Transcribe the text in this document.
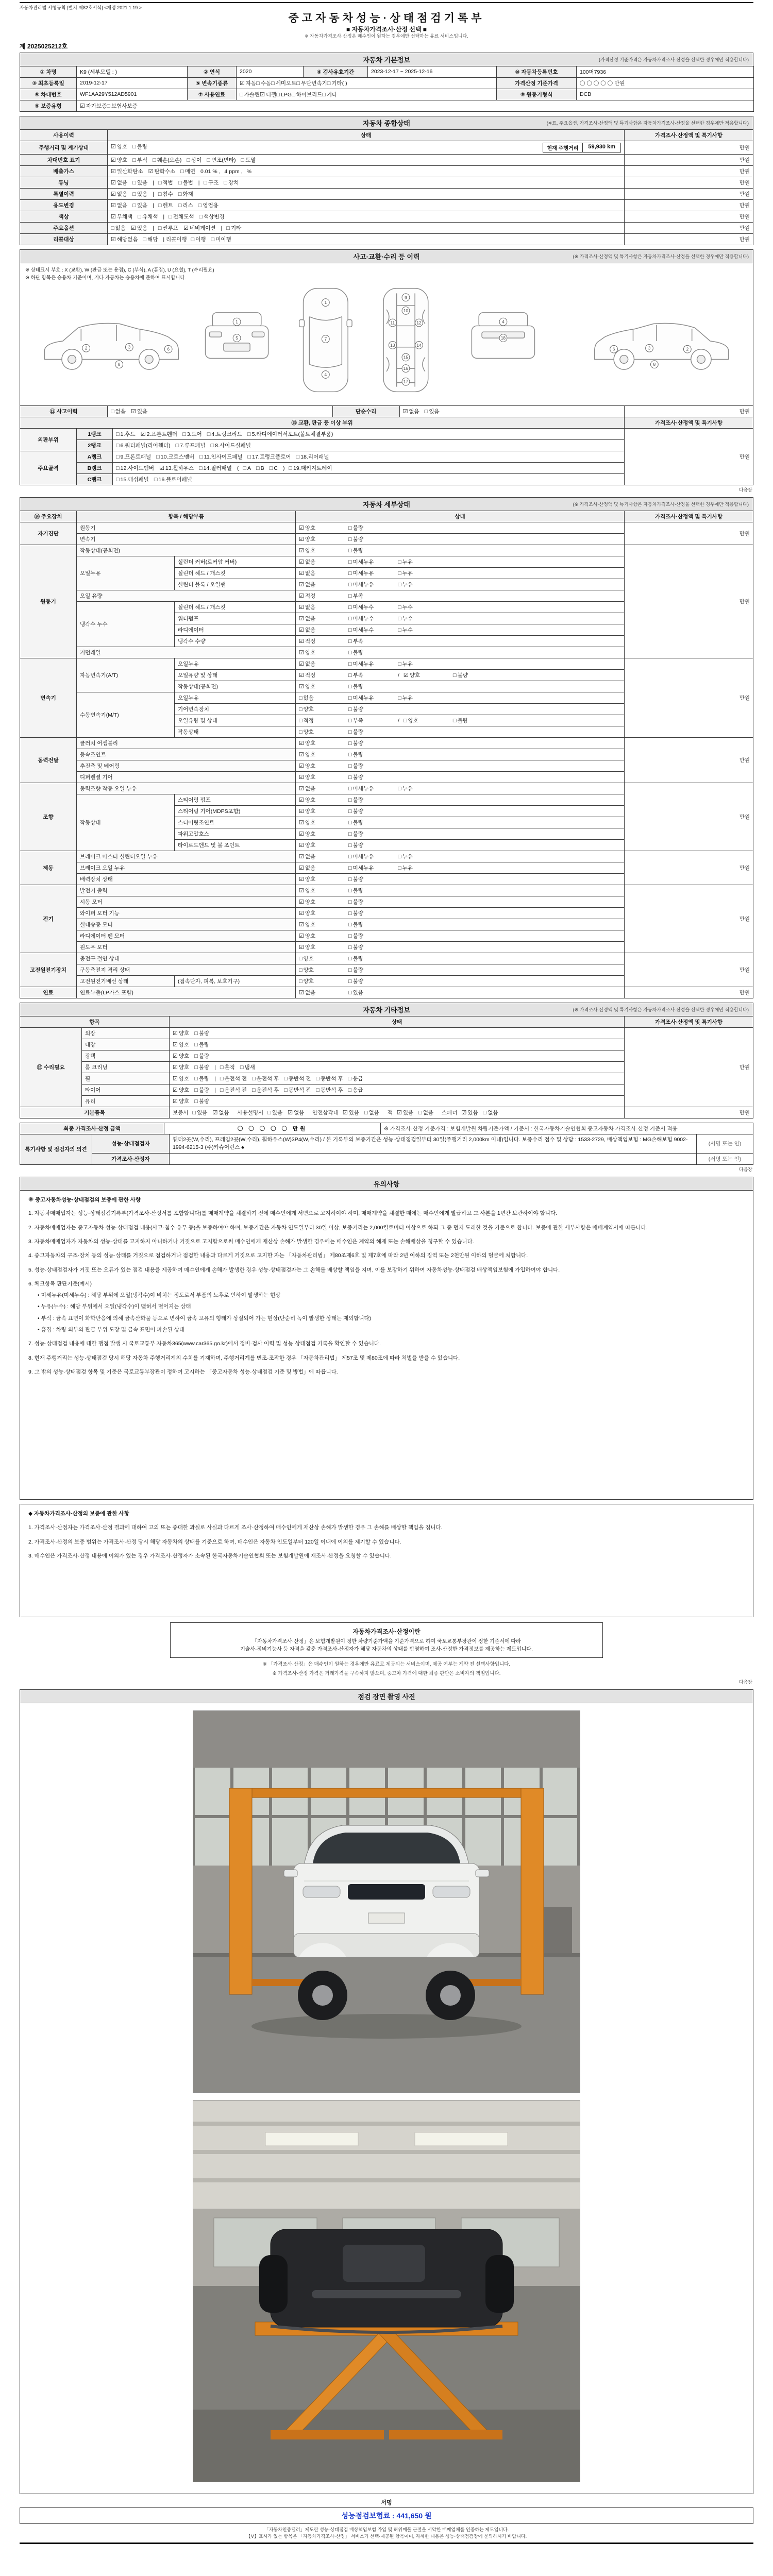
자동차관리법 시행규칙 [별지 제82호서식] <개정 2021.1.19.>
중고자동차성능·상태점검기록부
■ 자동차가격조사·산정 선택 ■
※ 자동차가격조사·산정은 매수인이 원하는 경우에만 선택하는 유료 서비스입니다.
제 2025025212호
자동차 기본정보	(가격산정 기준가격은 자동차가격조사·산정을 선택한 경우에만 적용합니다)
① 차명	K9 (세부모델 : )	② 연식	2020	④ 검사유효기간	2023-12-17 ~ 2025-12-16	⑩ 자동차등록번호	100머7936
③ 최초등록일	2019-12-17	⑤ 변속기종류	☑ 자동□ 수동□ 세미오토□ 무단변속기□ 기타( )			가격산정 기준가격	〇 〇 〇 〇 〇 만원
⑥ 차대번호	WF1AA29Y512AD5901	⑦ 사용연료	□ 가솔린☑ 디젤□ LPG□ 하이브리드□ 기타			⑧ 원동기형식	DCB
⑨ 보증유형	☑ 자가보증□ 보험사보증						
자동차 종합상태	(※표, 주요옵션, 가격조사·산정액 및 특기사항은 자동차가격조사·산정을 선택한 경우에만 적용합니다)
사용이력	상태	가격조사·산정액 및 특기사항
주행거리 및 계기상태	☑ 양호 □ 불량 현재 주행거리 59,930 km	만원
차대번호 표기	☑ 양호 □ 부식 □ 훼손(오손) □ 상이 □ 변조(변타) □ 도말	만원
배출가스	☑ 일산화탄소 ☑ 탄화수소 □ 매연 0.01 % , 4 ppm , %	만원
튜닝	☑ 없음 □ 있음 | □ 적법 □ 불법 | □ 구조 □ 장치	만원
특별이력	☑ 없음 □ 있음 | □ 침수 □ 화재	만원
용도변경	☑ 없음 □ 있음 | □ 렌트 □ 리스 □ 영업용	만원
색상	☑ 무채색 □ 유채색 | □ 전체도색 □ 색상변경	만원
주요옵션	□ 없음 ☑ 있음 | □ 썬루프 ☑ 네비게이션 | □ 기타	만원
리콜대상	☑ 해당없음 □ 해당 | 리콜이행 □ 이행 □ 미이행	만원
사고·교환·수리 등 이력	(※ 가격조사·산정액 및 특기사항은 자동차가격조사·산정을 선택한 경우에만 적용합니다)
※ 상태표시 부호 : X (교환), W (판금 또는 용접), C (부식), A (흠집), U (요철), T (수리필요)
※ 하단 항목은 승용차 기준이며, 기타 자동차는 승용차에 준하여 표시합니다.
2	3	6
8
1
5
1
7
4
9
10
11	12
13	14
15
16
17
4
18
6	3	2
8
⑫ 사고이력	□ 없음 ☑ 있음	단순수리	☑ 없음 □ 있음	만원
⑬ 교환, 판금 등 이상 부위			가격조사·산정액 및 특기사항
외판부위	1랭크	□ 1.후드 ☑ 2.프론트휀더 □ 3.도어 □ 4.트렁크리드 □ 5.라디에이터서포트(볼트체결부품)	만원
	2랭크	□ 6.쿼터패널(리어휀더) □ 7.루프패널 □ 8.사이드실패널	
주요골격	A랭크	□ 9.프론트패널 □ 10.크로스멤버 □ 11.인사이드패널 □ 17.트렁크플로어 □ 18.리어패널	
	B랭크	□ 12.사이드멤버 ☑ 13.휠하우스 □ 14.필러패널 ( □ A □ B □ C ) □ 19.패키지트레이	
	C랭크	□ 15.대쉬패널 □ 16.플로어패널	
다음장
자동차 세부상태	(※ 가격조사·산정액 및 특기사항은 자동차가격조사·산정을 선택한 경우에만 적용합니다)
⑭ 주요장치	항목 / 해당부품		상태	가격조사·산정액 및 특기사항
자기진단	원동기		☑ 양호 □ 불량	만원
	변속기		☑ 양호 □ 불량	
원동기	작동상태(공회전)		☑ 양호 □ 불량	만원
	오일누유	실린더 커버(로커암 커버)	☑ 없음 □ 미세누유 □ 누유	
		실린더 헤드 / 개스킷	☑ 없음 □ 미세누유 □ 누유	
		실린더 블록 / 오일팬	☑ 없음 □ 미세누유 □ 누유	
	오일 유량		☑ 적정 □ 부족	
	냉각수 누수	실린더 헤드 / 개스킷	☑ 없음 □ 미세누수 □ 누수	
		워터펌프	☑ 없음 □ 미세누수 □ 누수	
		라디에이터	☑ 없음 □ 미세누수 □ 누수	
		냉각수 수량	☑ 적정 □ 부족	
	커먼레일		☑ 양호 □ 불량	
변속기	자동변속기(A/T)	오일누유	☑ 없음 □ 미세누유 □ 누유	만원
		오일유량 및 상태	☑ 적정 □ 부족 / ☑ 양호 □ 불량	
		작동상태(공회전)	☑ 양호 □ 불량	
	수동변속기(M/T)	오일누유	□ 없음 □ 미세누유 □ 누유	
		기어변속장치	□ 양호 □ 불량	
		오일유량 및 상태	□ 적정 □ 부족 / □ 양호 □ 불량	
		작동상태	□ 양호 □ 불량	
동력전달	클러치 어셈블리		☑ 양호 □ 불량	만원
	등속조인트		☑ 양호 □ 불량	
	추진축 및 베어링		☑ 양호 □ 불량	
	디퍼렌셜 기어		☑ 양호 □ 불량	
조향	동력조향 작동 오일 누유		☑ 없음 □ 미세누유 □ 누유	만원
	작동상태	스티어링 펌프	☑ 양호 □ 불량	
		스티어링 기어(MDPS포함)	☑ 양호 □ 불량	
		스티어링조인트	☑ 양호 □ 불량	
		파워고압호스	☑ 양호 □ 불량	
		타이로드엔드 및 볼 조인트	☑ 양호 □ 불량	
제동	브레이크 마스터 실린더오일 누유		☑ 없음 □ 미세누유 □ 누유	만원
	브레이크 오일 누유		☑ 없음 □ 미세누유 □ 누유	
	배력장치 상태		☑ 양호 □ 불량	
전기	발전기 출력		☑ 양호 □ 불량	만원
	시동 모터		☑ 양호 □ 불량	
	와이퍼 모터 기능		☑ 양호 □ 불량	
	실내송풍 모터		☑ 양호 □ 불량	
	라디에이터 팬 모터		☑ 양호 □ 불량	
	윈도우 모터		☑ 양호 □ 불량	
고전원전기장치	충전구 절연 상태		□ 양호 □ 불량	만원
	구동축전지 격리 상태		□ 양호 □ 불량	
	고전원전기배선 상태	(접속단자, 피복, 보호기구)	□ 양호 □ 불량	
연료	연료누출(LP가스 포함)		☑ 없음 □ 있음	만원
자동차 기타정보	(※ 가격조사·산정액 및 특기사항은 자동차가격조사·산정을 선택한 경우에만 적용합니다)
항목		상태	가격조사·산정액 및 특기사항
⑮ 수리필요	외장	☑ 양호 □ 불량	만원
	내장	☑ 양호 □ 불량	
	광택	☑ 양호 □ 불량	
	룸 크리닝	☑ 양호 □ 불량 | □ 흔적 □ 냄새	
	휠	☑ 양호 □ 불량 | □ 운전석 전 □ 운전석 후 □ 동반석 전 □ 동반석 후 □ 응급	
	타이어	☑ 양호 □ 불량 | □ 운전석 전 □ 운전석 후 □ 동반석 전 □ 동반석 후 □ 응급	
	유리	☑ 양호 □ 불량	
기본품목		보증서 □ 있음 ☑ 없음 사용설명서 □ 있음 ☑ 없음 안전삼각대 ☑ 있음 □ 없음 잭 ☑ 있음 □ 없음 스패너 ☑ 있음 □ 없음	만원
최종 가격조사·산정 금액	〇 〇 〇 〇 〇 만원	※ 가격조사·산정 기준가격 : 보험개발원 차량기준가액 / 기준서 : 한국자동차기술인협회 중고자동차 가격조사·산정 기준서 적용
특기사항 및 점검자의 의견	성능·상태점검자	휀더2곳(W,수리), 프레임2곳(W,수리), 휠하우스(W)3P4(W,수리) / 본 기록부의 보증기간은 성능·상태점검일부터 30일(주행거리 2,000km 이내)입니다. 보증수리 접수 및 상담 : 1533-2729, 배상책임보험 : MG손해보험 9002-1994-6215-3 (주)카슈어런스 ♠	(서명 또는 인)
	가격조사·산정자		(서명 또는 인)
다음장
유의사항
※ 중고자동차성능·상태점검의 보증에 관한 사항
1. 자동차매매업자는 성능·상태점검기록부(가격조사·산정서를 포함합니다)를 매매계약을 체결하기 전에 매수인에게 서면으로 고지하여야 하며, 매매계약을 체결한 때에는 매수인에게 발급하고 그 사본을 1년간 보관하여야 합니다.
2. 자동차매매업자는 중고자동차 성능·상태점검 내용(사고·침수 유무 등)을 보증하여야 하며, 보증기간은 자동차 인도일부터 30일 이상, 보증거리는 2,000킬로미터 이상으로 하되 그 중 먼저 도래한 것을 기준으로 합니다. 보증에 관한 세부사항은 매매계약서에 따릅니다.
3. 자동차매매업자가 자동차의 성능·상태를 고지하지 아니하거나 거짓으로 고지함으로써 매수인에게 재산상 손해가 발생한 경우에는 매수인은 계약의 해제 또는 손해배상을 청구할 수 있습니다.
4. 중고자동차의 구조·장치 등의 성능·상태를 거짓으로 점검하거나 점검한 내용과 다르게 거짓으로 고지한 자는 「자동차관리법」 제80조제6호 및 제7호에 따라 2년 이하의 징역 또는 2천만원 이하의 벌금에 처합니다.
5. 성능·상태점검자가 거짓 또는 오류가 있는 점검 내용을 제공하여 매수인에게 손해가 발생한 경우 성능·상태점검자는 그 손해를 배상할 책임을 지며, 이를 보장하기 위하여 자동차성능·상태점검 배상책임보험에 가입하여야 합니다.
6. 체크항목 판단기준(예시)
• 미세누유(미세누수) : 해당 부위에 오일(냉각수)이 비치는 정도로서 부품의 노후로 인하여 발생하는 현상
• 누유(누수) : 해당 부위에서 오일(냉각수)이 맺혀서 떨어지는 상태
• 부식 : 금속 표면이 화학반응에 의해 금속산화물 등으로 변하여 금속 고유의 형태가 상실되어 가는 현상(단순히 녹이 발생한 상태는 제외합니다)
• 흠집 : 차량 외부의 판금 부위 도장 및 금속 표면이 파손된 상태
7. 성능·상태점검 내용에 대한 쟁점 발생 시 국토교통부 자동차365(www.car365.go.kr)에서 정비·검사 이력 및 성능·상태점검 기록을 확인할 수 있습니다.
8. 현재 주행거리는 성능·상태점검 당시 해당 자동차 주행거리계의 수치를 기재하며, 주행거리계를 변조·조작한 경우 「자동차관리법」 제57조 및 제80조에 따라 처벌을 받을 수 있습니다.
9. 그 밖의 성능·상태점검 항목 및 기준은 국토교통부장관이 정하여 고시하는 「중고자동차 성능·상태점검 기준 및 방법」에 따릅니다.
◆ 자동차가격조사·산정의 보증에 관한 사항
1. 가격조사·산정자는 가격조사·산정 결과에 대하여 고의 또는 중대한 과실로 사실과 다르게 조사·산정하여 매수인에게 재산상 손해가 발생한 경우 그 손해를 배상할 책임을 집니다.
2. 가격조사·산정의 보증 범위는 가격조사·산정 당시 해당 자동차의 상태를 기준으로 하며, 매수인은 자동차 인도일부터 120일 이내에 이의를 제기할 수 있습니다.
3. 매수인은 가격조사·산정 내용에 이의가 있는 경우 가격조사·산정자가 소속된 한국자동차기술인협회 또는 보험개발원에 재조사·산정을 요청할 수 있습니다.
자동차가격조사·산정이란
「자동차가격조사·산정」은 보험개발원이 정한 차량기준가액을 기준가격으로 하여 국토교통부장관이 정한 기준서에 따라
기술사·정비기능사 등 자격을 갖춘 가격조사·산정자가 해당 자동차의 상태를 반영하여 조사·산정한 가격정보를 제공하는 제도입니다.
※ 「가격조사·산정」은 매수인이 원하는 경우에만 유료로 제공되는 서비스이며, 제공 여부는 계약 전 선택사항입니다.
※ 가격조사·산정 가격은 거래가격을 구속하지 않으며, 중고차 가격에 대한 최종 판단은 소비자의 책임입니다.
다음장
점검 장면 촬영 사진
서명
성능점검보험료 : 441,650 원
「자동차인증딜러」제도란 성능·상태점검 배상책임보험 가입 및 허위매물 근절을 서약한 매매업체를 인증하는 제도입니다.
【V】표시가 있는 항목은 「자동차가격조사·산정」 서비스가 선택·제공된 항목이며, 자세한 내용은 성능·상태점검장에 문의하시기 바랍니다.
